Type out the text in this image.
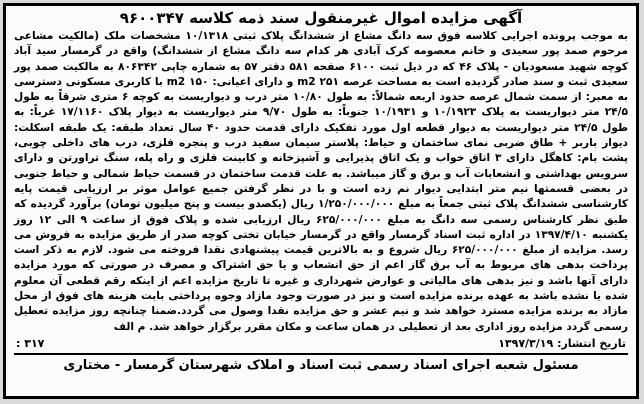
آگهی مزایده اموال غیرمنقول سند ذمه کلاسه ۹۶۰۰۳۴۷
به موجب پرونده اجرایی کلاسه فوق سه دانگ مشاع از ششدانگ پلاک ثبتی ۱۰/۱۳۱۸ مشخصات ملک (مالکیت مشاعی مرحوم صمد پور سعیدی و خانم معصومه کرک آبادی هر کدام سه دانگ مشاع از ششدانگ) واقع در گرمسار سید آباد کوچه شهید مسعودیان - پلاک ۴۶ که در ذیل ثبت ۶۱۰۰ صفحه ۵۸۱ دفتر ۵۷ به شماره چاپی ۸۰۶۳۴۲ به مالکیت صمد پور سعیدی ثبت و سند صادر گردیده است به مساحت عرصه ۲۵۱ m2 و دارای اعیانی: ۱۵۰ m2 با کاربری مسکونی دسترسی به معبر: از سمت شمال عرصه حدود اربعه شمالاً: به طول ۱۰/۸۰ متر درب و دیواریست به کوچه ۶ متری شرقاً به طول ۲۴/۵ متر دیواریست به پلاک ۱۰/۱۹۲۳ و ۱۰/۱۹۳۱ جنوباً: به طول ۹/۷۰ متر دیواریست به دیوار پلاک ۱۷/۱۱۶۰ غرباً: به طول ۲۴/۵ متر دیواریست به دیوار قطعه اول مورد تفکیک دارای قدمت حدود ۴۰ سال تعداد طبقه: یک طبقه اسکلت: دیوار باربر + طاق ضربی نمای ساختمان و حیاط: پلاستر سیمان سفید درب و پنجره فلزی، درب های داخلی چوبی، پشت بام: کاهگل دارای ۳ اتاق خواب و یک اتاق پذیرایی و آشپزخانه و کابینت فلزی و راه پله، سنگ تراورتن و دارای سرویس بهداشتی و انشعابات آب و برق و گاز میباشد. به علت قدمت ساختمان در قسمت حیاط شمالی و حیاط جنوبی در بعضی قسمتها نیم متر ابتدایی دیوار نم زده است و با در نظر گرفتن جمیع عوامل موثر بر ارزیابی قیمت پایه کارشناسی ششدانگ پلاک ثبتی جمعاً به مبلغ ۱/۲۵۰/۰۰۰/۰۰۰ ریال (یکصدو بیست و پنج میلیون تومان) برآورد گردیده که طبق نظر کارشناس رسمی سه دانگ به مبلغ ۶۲۵/۰۰۰/۰۰۰ ریال ارزیابی شده و پلاک فوق از ساعت ۹ الی ۱۲ روز یکشنبه ۱۳۹۷/۴/۱۰ در اداره ثبت اسناد گرمسار واقع در گرمسار خیابان تختی کوچه صدر از طریق مزایده به فروش می رسد. مزایده از مبلغ ۶۲۵/۰۰۰/۰۰۰ ریال شروع و به بالاترین قیمت پیشنهادی نقدا فروخته می شود. لازم به ذکر است پرداخت بدهی های مربوط به آب برق گاز اعم از حق انشعاب و یا حق اشتراک و مصرف در صورتی که مورد مزایده دارای آنها باشد و نیز بدهی های مالیاتی و عوارض شهرداری و غیره تا تاریخ مزایده اعم از اینکه رقم قطعی آن معلوم شده یا نشده باشد به عهده برنده مزایده است و نیز در صورت وجود مازاد وجوه پرداختی بابت هزینه های فوق از محل مازاد به برنده مزایده مسترد خواهد شد و نیم عشر و حق مزایده نقدا وصول می گردد.ضمنا چنانچه روز مزایده تعطیل رسمی گردد مزایده روز اداری بعد از تعطیلی در همان ساعت و مکان مقرر برگزار خواهد شد. م الف
تاریخ انتشار: ۱۳۹۷/۳/۱۹
۳۱۷ :
مسئول شعبه اجرای اسناد رسمی ثبت اسناد و املاک شهرستان گرمسار - مختاری
